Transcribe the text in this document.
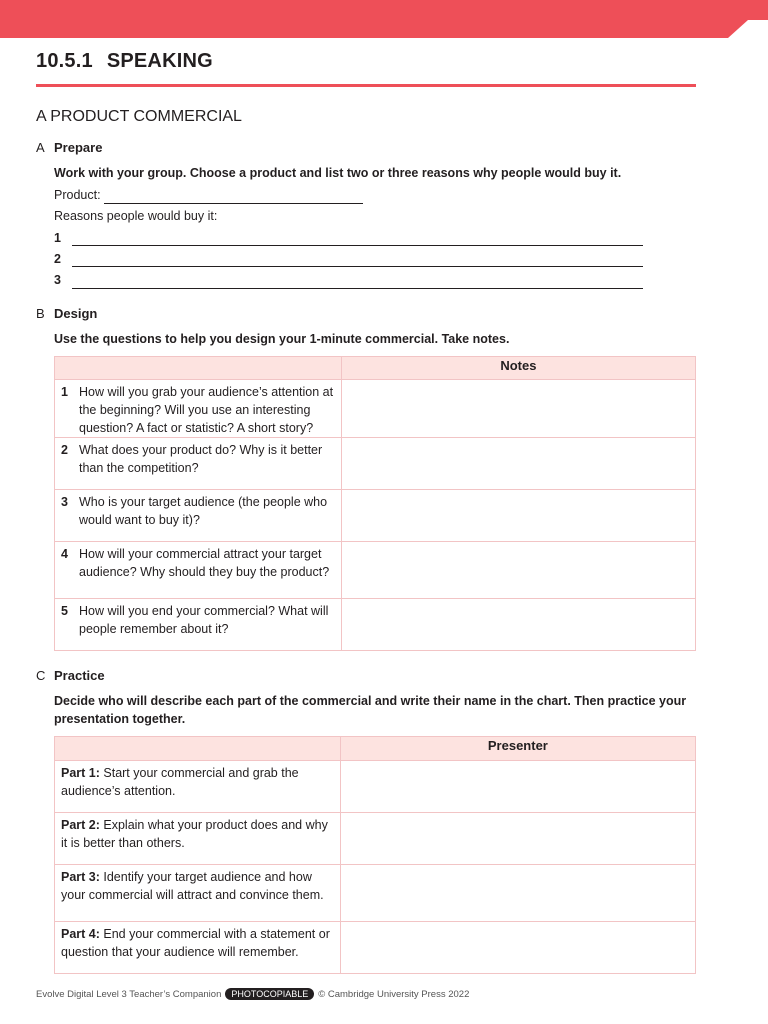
10.5.1 SPEAKING
A PRODUCT COMMERCIAL
A Prepare
Work with your group. Choose a product and list two or three reasons why people would buy it.
Product:
Reasons people would buy it:
1
2
3
B Design
Use the questions to help you design your 1-minute commercial. Take notes.
	Notes
1 How will you grab your audience’s attention at the beginning? Will you use an interesting question? A fact or statistic? A short story?	
2 What does your product do? Why is it better than the competition?	
3 Who is your target audience (the people who would want to buy it)?	
4 How will your commercial attract your target audience? Why should they buy the product?	
5 How will you end your commercial? What will people remember about it?	
C Practice
Decide who will describe each part of the commercial and write their name in the chart. Then practice your presentation together.
	Presenter
Part 1: Start your commercial and grab the audience’s attention.	
Part 2: Explain what your product does and why it is better than others.	
Part 3: Identify your target audience and how your commercial will attract and convince them.	
Part 4: End your commercial with a statement or question that your audience will remember.	
Evolve Digital Level 3 Teacher’s Companion PHOTOCOPIABLE © Cambridge University Press 2022
